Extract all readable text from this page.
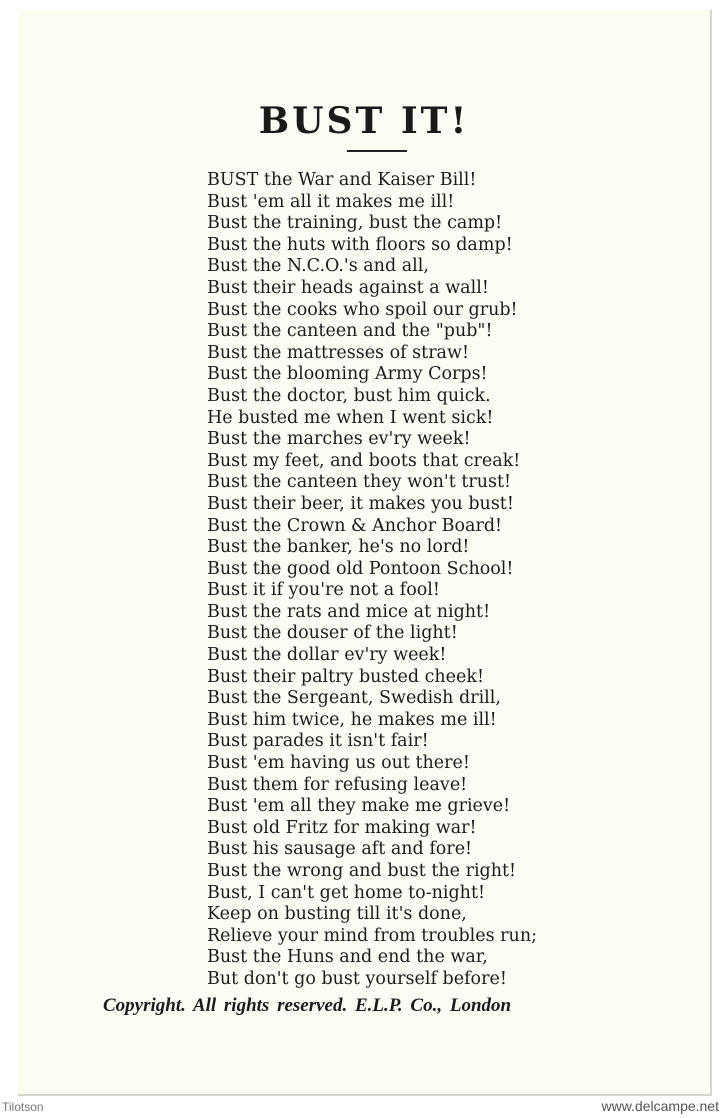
BUST IT!
BUST the War and Kaiser Bill!
Bust 'em all it makes me ill!
Bust the training, bust the camp!
Bust the huts with floors so damp!
Bust the N.C.O.'s and all,
Bust their heads against a wall!
Bust the cooks who spoil our grub!
Bust the canteen and the "pub"!
Bust the mattresses of straw!
Bust the blooming Army Corps!
Bust the doctor, bust him quick.
He busted me when I went sick!
Bust the marches ev'ry week!
Bust my feet, and boots that creak!
Bust the canteen they won't trust!
Bust their beer, it makes you bust!
Bust the Crown & Anchor Board!
Bust the banker, he's no lord!
Bust the good old Pontoon School!
Bust it if you're not a fool!
Bust the rats and mice at night!
Bust the douser of the light!
Bust the dollar ev'ry week!
Bust their paltry busted cheek!
Bust the Sergeant, Swedish drill,
Bust him twice, he makes me ill!
Bust parades it isn't fair!
Bust 'em having us out there!
Bust them for refusing leave!
Bust 'em all they make me grieve!
Bust old Fritz for making war!
Bust his sausage aft and fore!
Bust the wrong and bust the right!
Bust, I can't get home to-night!
Keep on busting till it's done,
Relieve your mind from troubles run;
Bust the Huns and end the war,
But don't go bust yourself before!
Copyright. All rights reserved. E.L.P. Co., London
Tilotson	www.delcampe.net
